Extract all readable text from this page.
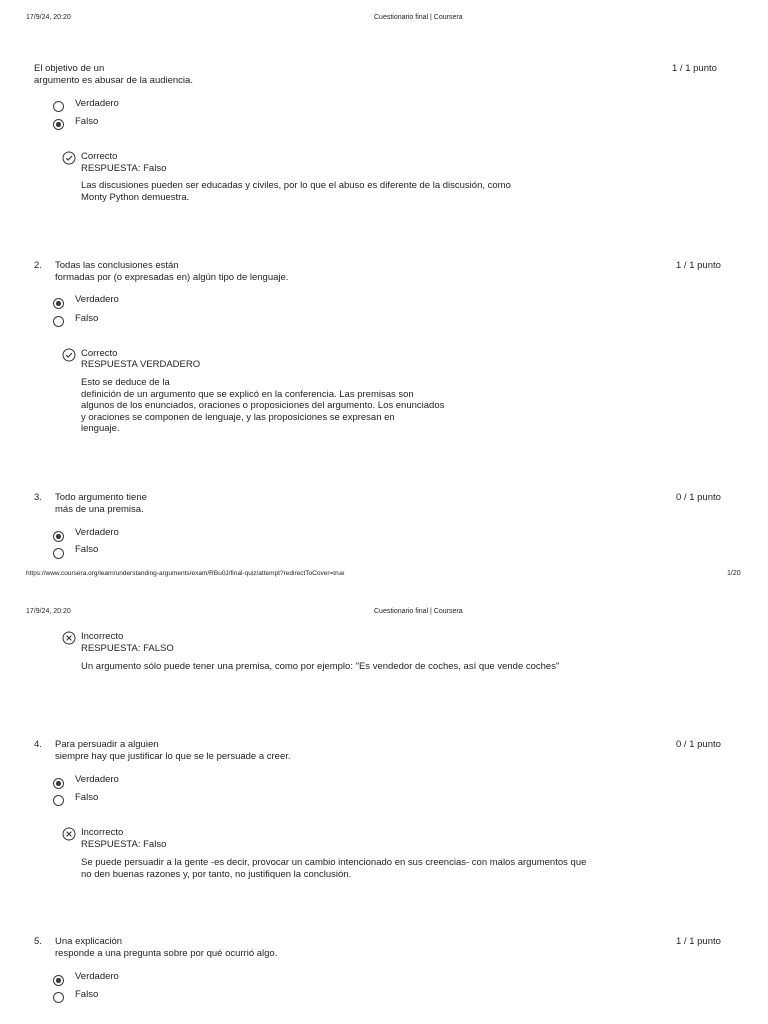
17/9/24, 20:20	Cuestionario final | Coursera
El objetivo de un
argumento es abusar de la audiencia.
1 / 1 punto
Verdadero
Falso
Correcto
RESPUESTA: Falso
Las discusiones pueden ser educadas y civiles, por lo que el abuso es diferente de la discusión, como
Monty Python demuestra.
2. Todas las conclusiones están
formadas por (o expresadas en) algún tipo de lenguaje.
1 / 1 punto
Verdadero
Falso
Correcto
RESPUESTA VERDADERO
Esto se deduce de la
definición de un argumento que se explicó en la conferencia. Las premisas son
algunos de los enunciados, oraciones o proposiciones del argumento. Los enunciados
y oraciones se componen de lenguaje, y las proposiciones se expresan en
lenguaje.
3. Todo argumento tiene
más de una premisa.
0 / 1 punto
Verdadero
Falso
https://www.coursera.org/learn/understanding-arguments/exam/RBu0J/final-quiz/attempt?redirectToCover=true	1/20
17/9/24, 20:20	Cuestionario final | Coursera
Incorrecto
RESPUESTA: FALSO
Un argumento sólo puede tener una premisa, como por ejemplo: "Es vendedor de coches, así que vende coches"
4. Para persuadir a alguien
siempre hay que justificar lo que se le persuade a creer.
0 / 1 punto
Verdadero
Falso
Incorrecto
RESPUESTA: Falso
Se puede persuadir a la gente -es decir, provocar un cambio intencionado en sus creencias- con malos argumentos que
no den buenas razones y, por tanto, no justifiquen la conclusión.
5. Una explicación
responde a una pregunta sobre por qué ocurrió algo.
1 / 1 punto
Verdadero
Falso
